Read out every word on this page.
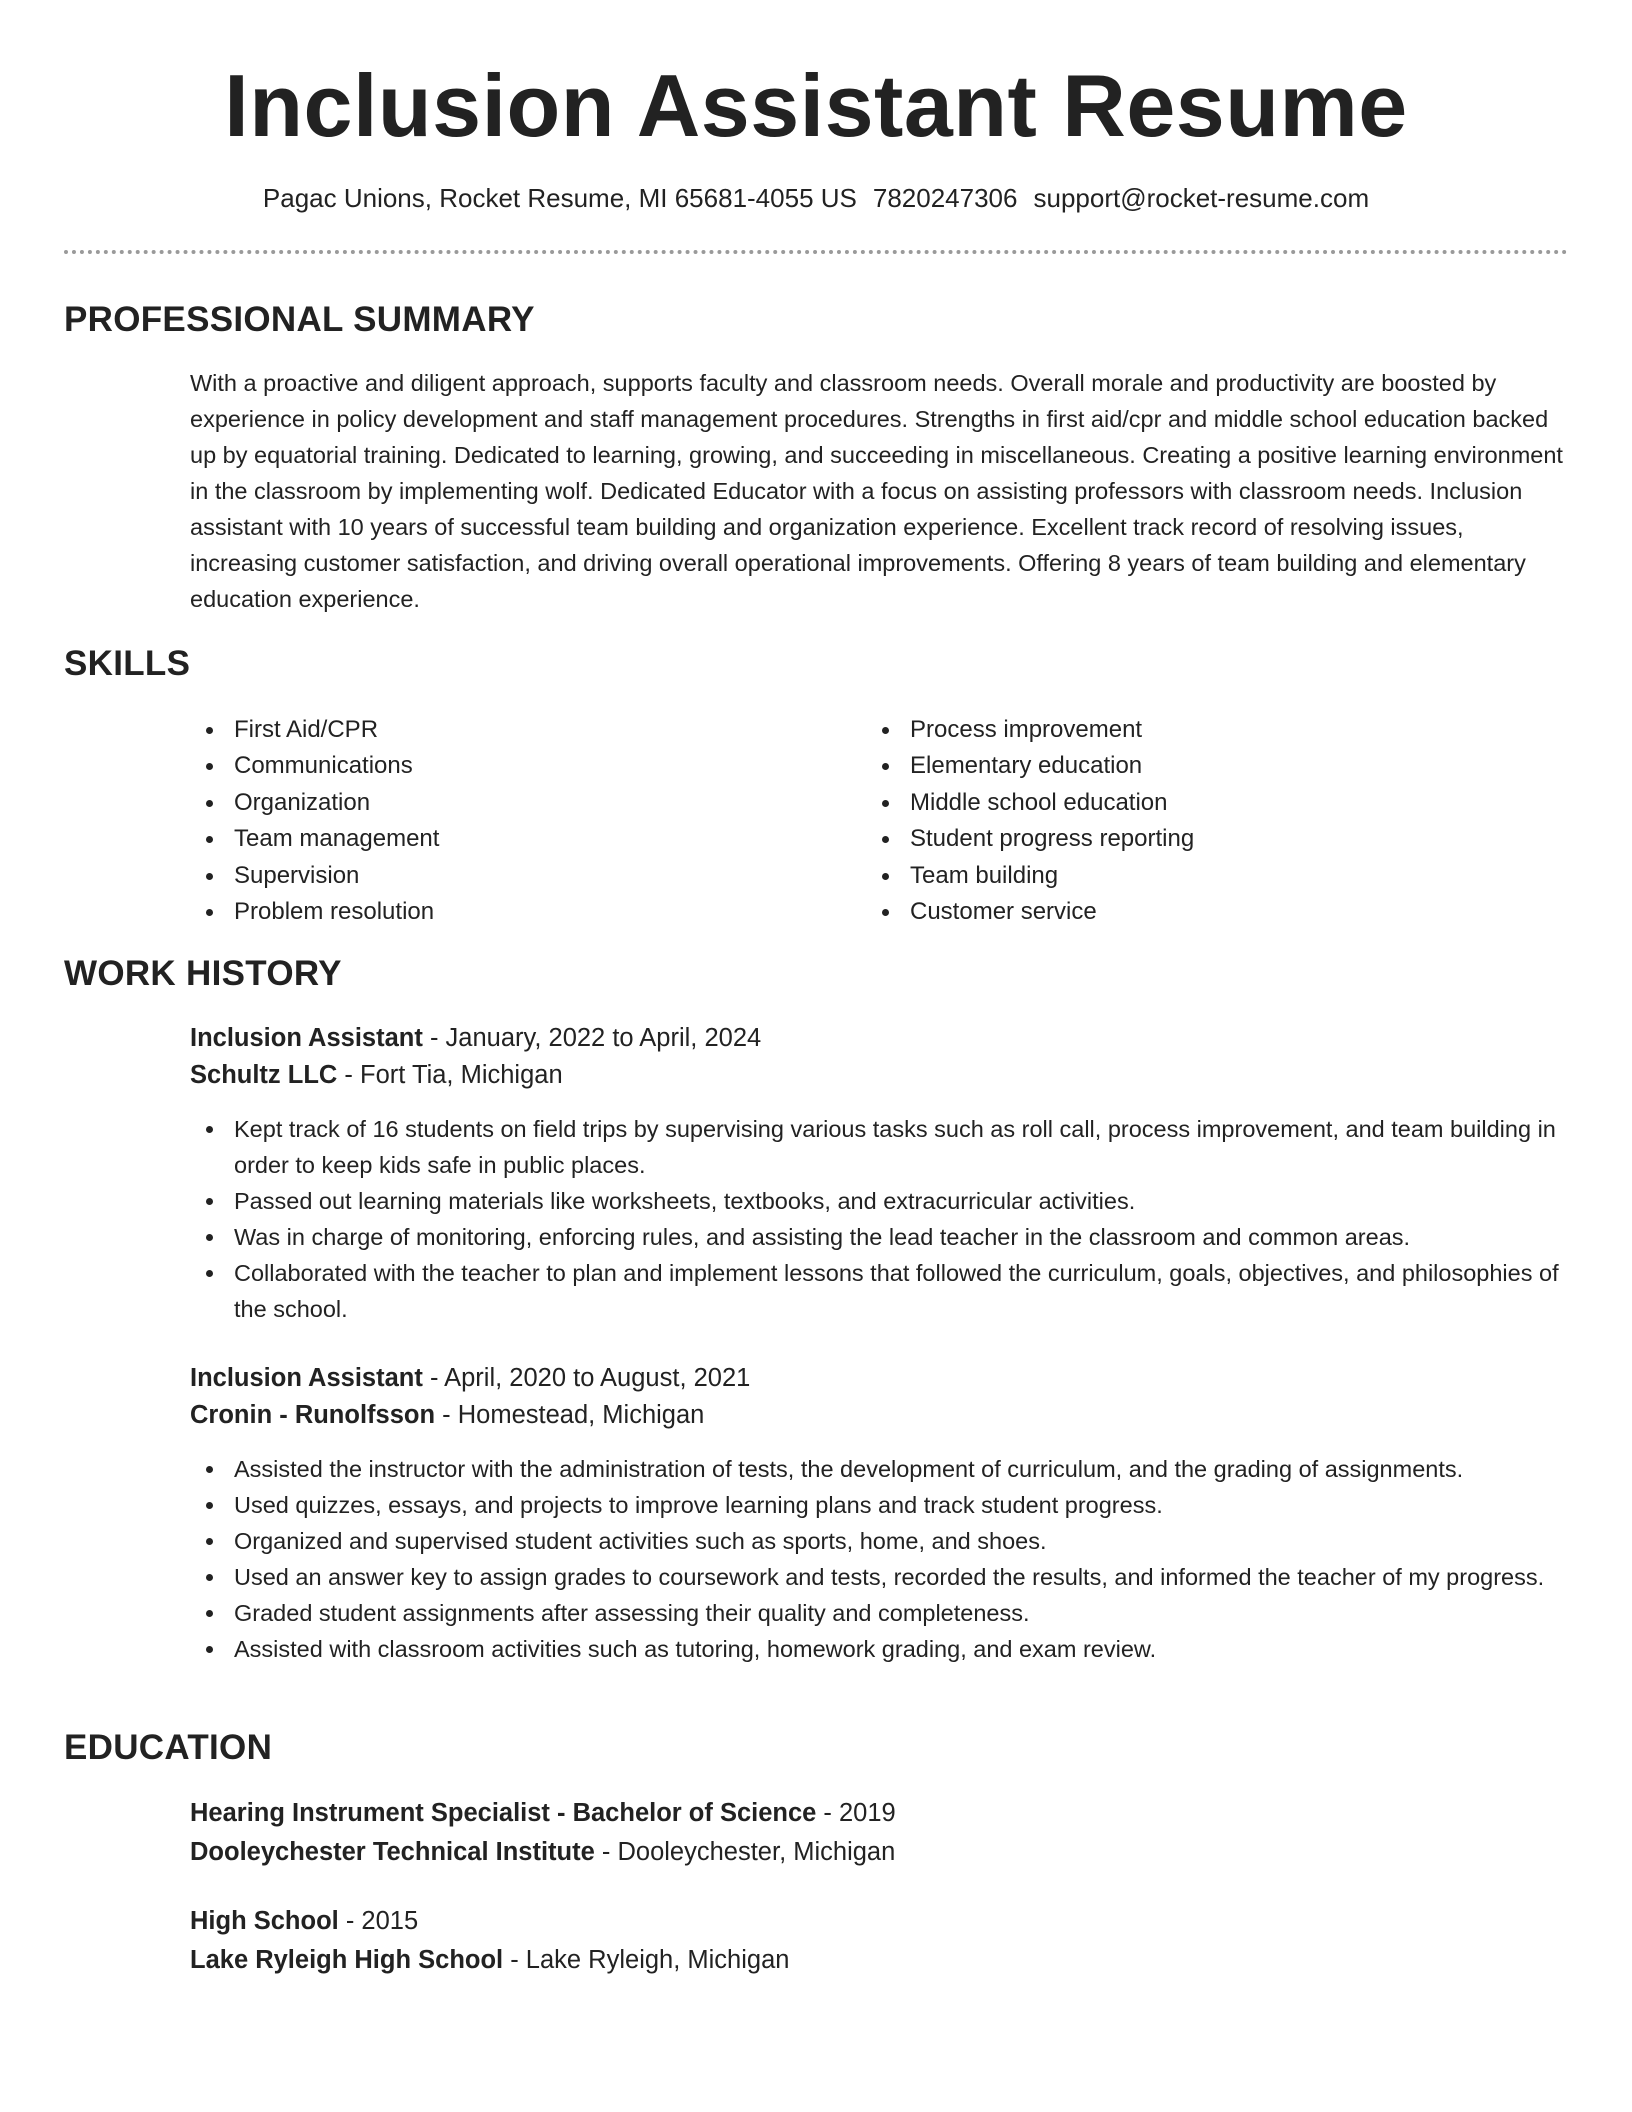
Inclusion Assistant Resume
Pagac Unions, Rocket Resume, MI 65681-4055 US 7820247306 support@rocket-resume.com
PROFESSIONAL SUMMARY

With a proactive and diligent approach, supports faculty and classroom needs. Overall morale and productivity are boosted by experience in policy development and staff management procedures. Strengths in first aid/cpr and middle school education backed up by equatorial training. Dedicated to learning, growing, and succeeding in miscellaneous. Creating a positive learning environment in the classroom by implementing wolf. Dedicated Educator with a focus on assisting professors with classroom needs. Inclusion assistant with 10 years of successful team building and organization experience. Excellent track record of resolving issues, increasing customer satisfaction, and driving overall operational improvements. Offering 8 years of team building and elementary education experience.

SKILLS
First Aid/CPR
Communications
Organization
Team management
Supervision
Problem resolution
Process improvement
Elementary education
Middle school education
Student progress reporting
Team building
Customer service
WORK HISTORY
Inclusion Assistant - January, 2022 to April, 2024
Schultz LLC - Fort Tia, Michigan
Kept track of 16 students on field trips by supervising various tasks such as roll call, process improvement, and team building in order to keep kids safe in public places.
Passed out learning materials like worksheets, textbooks, and extracurricular activities.
Was in charge of monitoring, enforcing rules, and assisting the lead teacher in the classroom and common areas.
Collaborated with the teacher to plan and implement lessons that followed the curriculum, goals, objectives, and philosophies of the school.
Inclusion Assistant - April, 2020 to August, 2021
Cronin - Runolfsson - Homestead, Michigan
Assisted the instructor with the administration of tests, the development of curriculum, and the grading of assignments.
Used quizzes, essays, and projects to improve learning plans and track student progress.
Organized and supervised student activities such as sports, home, and shoes.
Used an answer key to assign grades to coursework and tests, recorded the results, and informed the teacher of my progress.
Graded student assignments after assessing their quality and completeness.
Assisted with classroom activities such as tutoring, homework grading, and exam review.
EDUCATION
Hearing Instrument Specialist - Bachelor of Science - 2019
Dooleychester Technical Institute - Dooleychester, Michigan
High School - 2015
Lake Ryleigh High School - Lake Ryleigh, Michigan
